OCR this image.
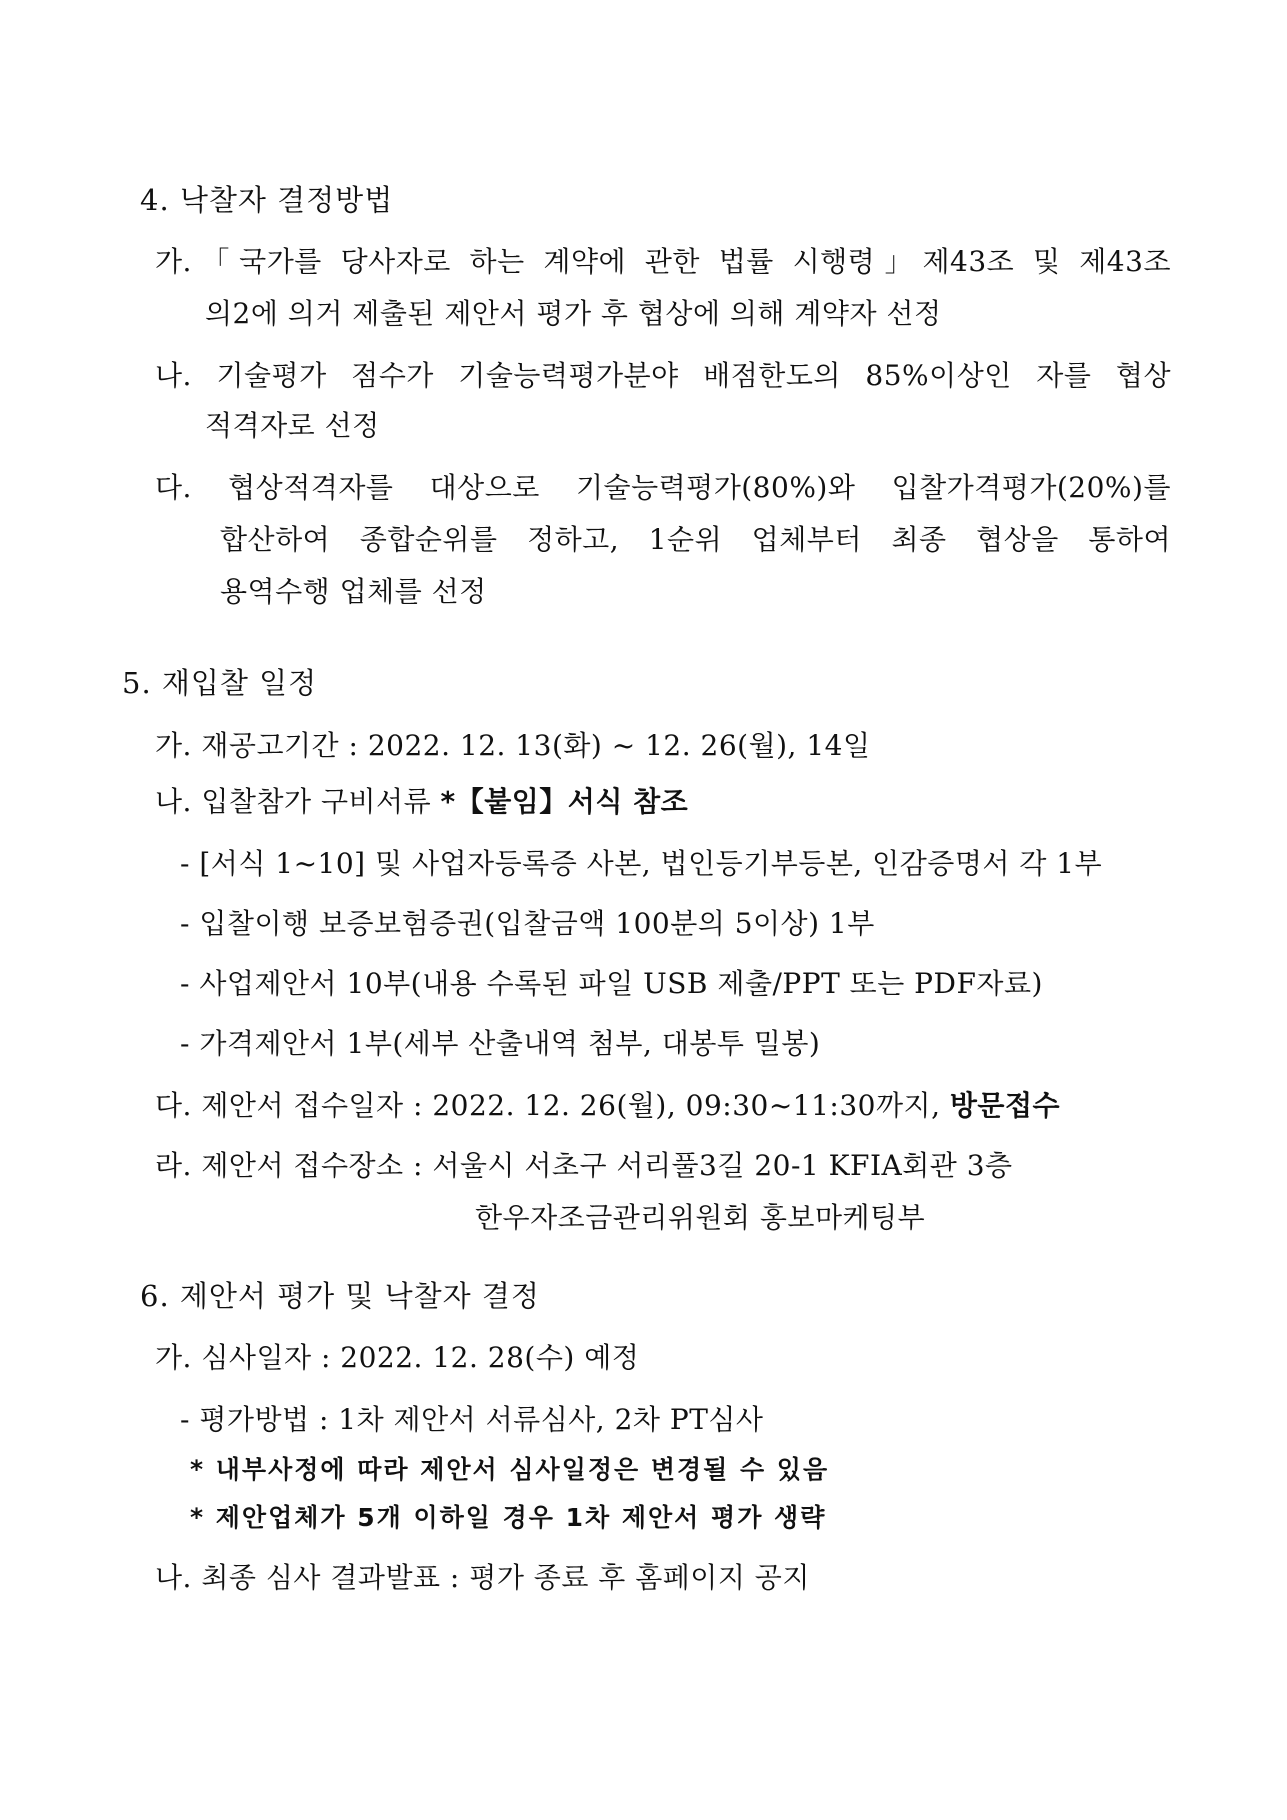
4. 낙찰자 결정방법
가.「국가를 당사자로 하는 계약에 관한 법률 시행령」제43조 및 제43조
의2에 의거 제출된 제안서 평가 후 협상에 의해 계약자 선정
나. 기술평가 점수가 기술능력평가분야 배점한도의 85%이상인 자를 협상
적격자로 선정
다. 협상적격자를 대상으로 기술능력평가(80%)와 입찰가격평가(20%)를
합산하여 종합순위를 정하고, 1순위 업체부터 최종 협상을 통하여
용역수행 업체를 선정
5. 재입찰 일정
가. 재공고기간 : 2022. 12. 13(화) ~ 12. 26(월), 14일
나. 입찰참가 구비서류 *【붙임】서식 참조
- [서식 1~10] 및 사업자등록증 사본, 법인등기부등본, 인감증명서 각 1부
- 입찰이행 보증보험증권(입찰금액 100분의 5이상) 1부
- 사업제안서 10부(내용 수록된 파일 USB 제출/PPT 또는 PDF자료)
- 가격제안서 1부(세부 산출내역 첨부, 대봉투 밀봉)
다. 제안서 접수일자 : 2022. 12. 26(월), 09:30~11:30까지, 방문접수
라. 제안서 접수장소 : 서울시 서초구 서리풀3길 20-1 KFIA회관 3층
한우자조금관리위원회 홍보마케팅부
6. 제안서 평가 및 낙찰자 결정
가. 심사일자 : 2022. 12. 28(수) 예정
- 평가방법 : 1차 제안서 서류심사, 2차 PT심사
* 내부사정에 따라 제안서 심사일정은 변경될 수 있음
* 제안업체가 5개 이하일 경우 1차 제안서 평가 생략
나. 최종 심사 결과발표 : 평가 종료 후 홈페이지 공지
